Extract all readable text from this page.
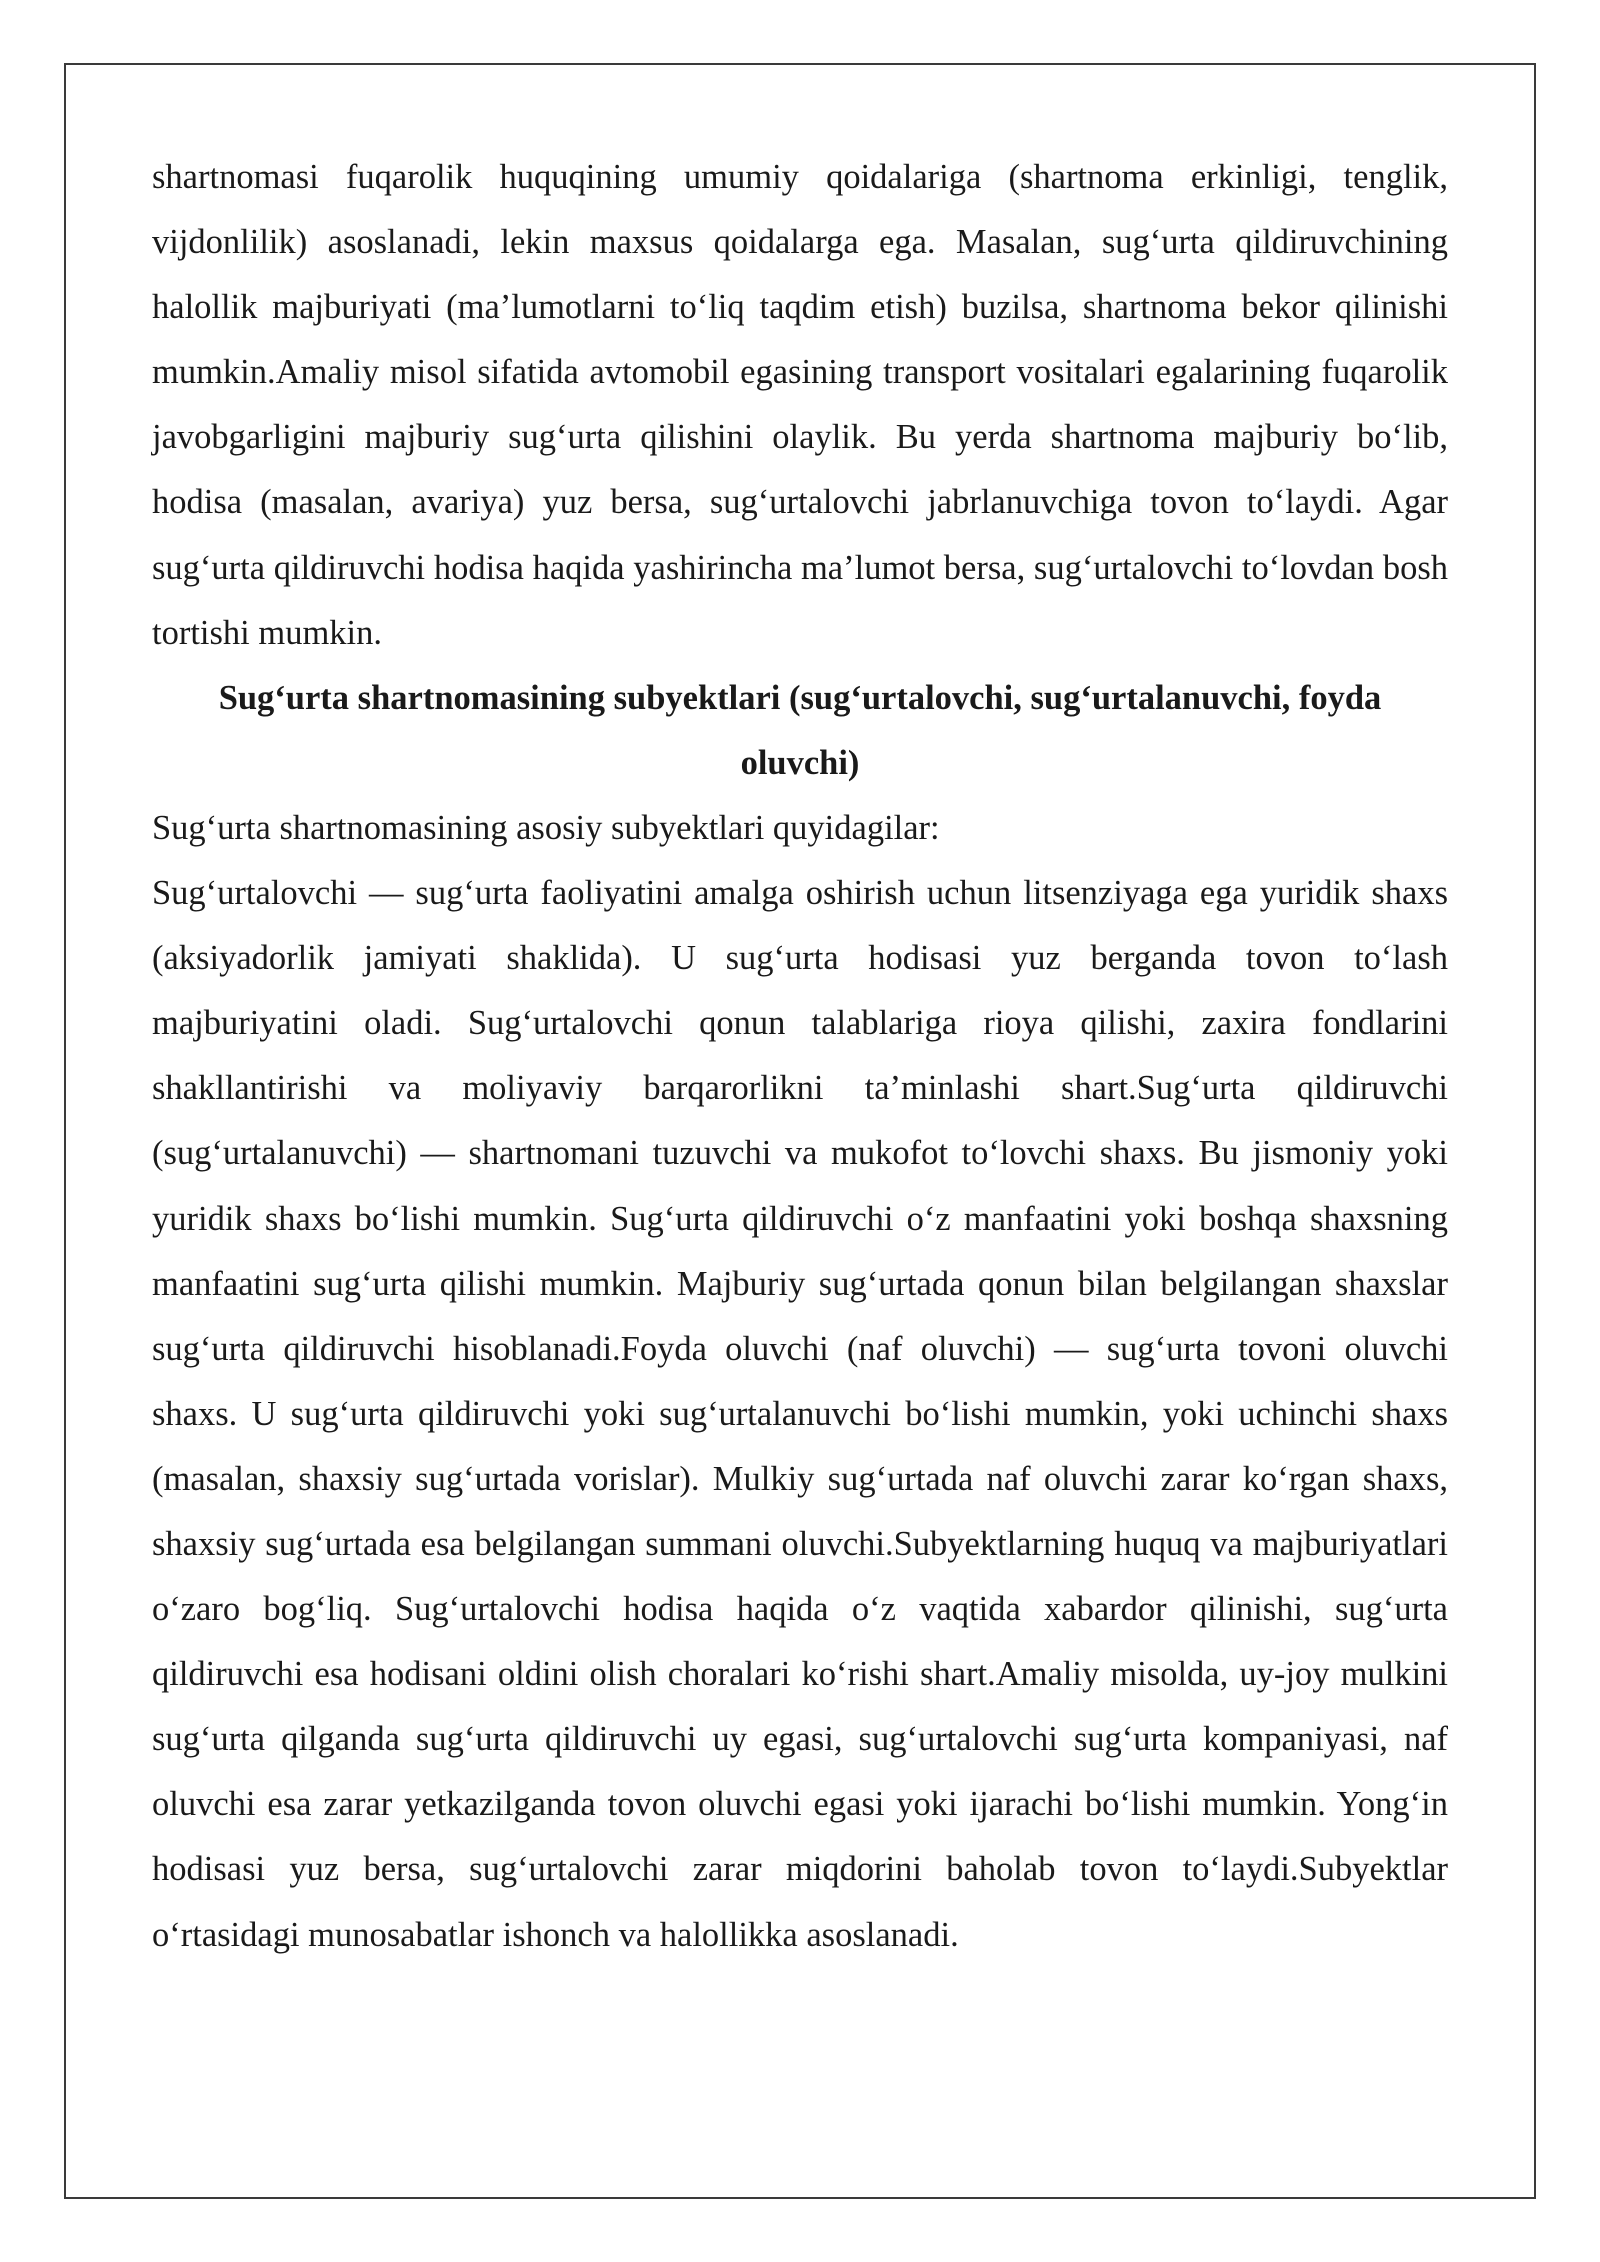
shartnomasi fuqarolik huquqining umumiy qoidalariga (shartnoma erkinligi, tenglik, vijdonlilik) asoslanadi, lekin maxsus qoidalarga ega. Masalan, sug‘urta qildiruvchining halollik majburiyati (ma’lumotlarni to‘liq taqdim etish) buzilsa, shartnoma bekor qilinishi mumkin.Amaliy misol sifatida avtomobil egasining transport vositalari egalarining fuqarolik javobgarligini majburiy sug‘urta qilishini olaylik. Bu yerda shartnoma majburiy bo‘lib, hodisa (masalan, avariya) yuz bersa, sug‘urtalovchi jabrlanuvchiga tovon to‘laydi. Agar sug‘urta qildiruvchi hodisa haqida yashirincha ma’lumot bersa, sug‘urtalovchi to‘lovdan bosh tortishi mumkin.

Sug‘urta shartnomasining subyektlari (sug‘urtalovchi, sug‘urtalanuvchi, foyda
oluvchi)

Sug‘urta shartnomasining asosiy subyektlari quyidagilar:

Sug‘urtalovchi — sug‘urta faoliyatini amalga oshirish uchun litsenziyaga ega yuridik shaxs (aksiyadorlik jamiyati shaklida). U sug‘urta hodisasi yuz berganda tovon to‘lash majburiyatini oladi. Sug‘urtalovchi qonun talablariga rioya qilishi, zaxira fondlarini shakllantirishi va moliyaviy barqarorlikni ta’minlashi shart.Sug‘urta qildiruvchi (sug‘urtalanuvchi) — shartnomani tuzuvchi va mukofot to‘lovchi shaxs. Bu jismoniy yoki yuridik shaxs bo‘lishi mumkin. Sug‘urta qildiruvchi o‘z manfaatini yoki boshqa shaxsning manfaatini sug‘urta qilishi mumkin. Majburiy sug‘urtada qonun bilan belgilangan shaxslar sug‘urta qildiruvchi hisoblanadi.Foyda oluvchi (naf oluvchi) — sug‘urta tovoni oluvchi shaxs. U sug‘urta qildiruvchi yoki sug‘urtalanuvchi bo‘lishi mumkin, yoki uchinchi shaxs (masalan, shaxsiy sug‘urtada vorislar). Mulkiy sug‘urtada naf oluvchi zarar ko‘rgan shaxs, shaxsiy sug‘urtada esa belgilangan summani oluvchi.Subyektlarning huquq va majburiyatlari o‘zaro bog‘liq. Sug‘urtalovchi hodisa haqida o‘z vaqtida xabardor qilinishi, sug‘urta qildiruvchi esa hodisani oldini olish choralari ko‘rishi shart.Amaliy misolda, uy-joy mulkini sug‘urta qilganda sug‘urta qildiruvchi uy egasi, sug‘urtalovchi sug‘urta kompaniyasi, naf oluvchi esa zarar yetkazilganda tovon oluvchi egasi yoki ijarachi bo‘lishi mumkin. Yong‘in hodisasi yuz bersa, sug‘urtalovchi zarar miqdorini baholab tovon to‘laydi.Subyektlar o‘rtasidagi munosabatlar ishonch va halollikka asoslanadi.
